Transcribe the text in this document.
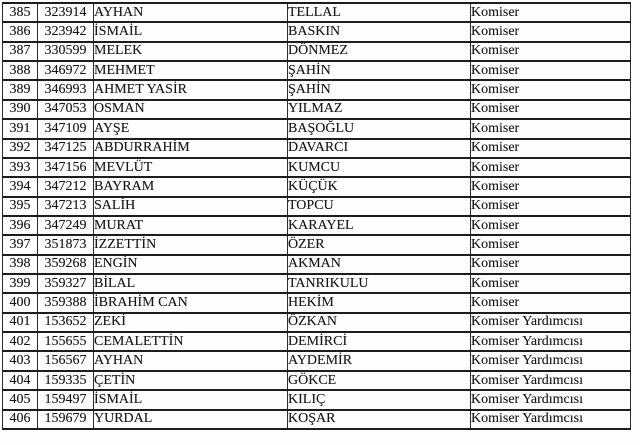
385	323914	AYHAN	TELLAL	Komiser
386	323942	İSMAİL	BASKIN	Komiser
387	330599	MELEK	DÖNMEZ	Komiser
388	346972	MEHMET	ŞAHİN	Komiser
389	346993	AHMET YASİR	ŞAHİN	Komiser
390	347053	OSMAN	YILMAZ	Komiser
391	347109	AYŞE	BAŞOĞLU	Komiser
392	347125	ABDURRAHİM	DAVARCI	Komiser
393	347156	MEVLÜT	KUMCU	Komiser
394	347212	BAYRAM	KÜÇÜK	Komiser
395	347213	SALİH	TOPCU	Komiser
396	347249	MURAT	KARAYEL	Komiser
397	351873	İZZETTİN	ÖZER	Komiser
398	359268	ENGİN	AKMAN	Komiser
399	359327	BİLAL	TANRIKULU	Komiser
400	359388	İBRAHİM CAN	HEKİM	Komiser
401	153652	ZEKİ	ÖZKAN	Komiser Yardımcısı
402	155655	CEMALETTİN	DEMİRCİ	Komiser Yardımcısı
403	156567	AYHAN	AYDEMİR	Komiser Yardımcısı
404	159335	ÇETİN	GÖKCE	Komiser Yardımcısı
405	159497	İSMAİL	KILIÇ	Komiser Yardımcısı
406	159679	YURDAL	KOŞAR	Komiser Yardımcısı
